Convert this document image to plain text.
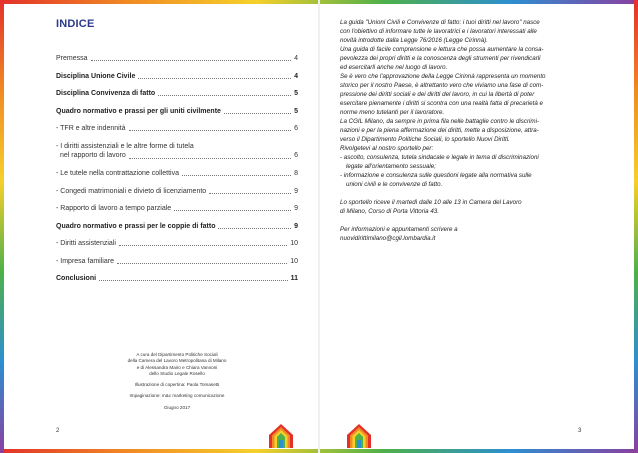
INDICE
Premessa	4
Disciplina Unione Civile	4
Disciplina Convivenza di fatto	5
Quadro normativo e prassi per gli uniti civilmente	5
- TFR e altre indennità	6
- I diritti assistenziali e le altre forme di tutela
nel rapporto di lavoro	6
- Le tutele nella contrattazione collettiva	8
- Congedi matrimoniali e divieto di licenziamento	9
- Rapporto di lavoro a tempo parziale	9
Quadro normativo e prassi per le coppie di fatto	9
- Diritti assistenziali	10
- Impresa familiare	10
Conclusioni	11

A cura del Dipartimento Politiche Sociali
della Camera del Lavoro Metropolitana di Milano
e di Alessandra Mairo e Chiara Vannoni
dello Studio Legale Rosello

Illustrazione di copertina: Paola Tomasetti

Impaginazione: m&c marketing comunicazione

Giugno 2017

2

La guida "Unioni Civili e Convivenze di fatto: i tuoi diritti nel lavoro" nasce

con l'obiettivo di informare tutte le lavoratrici e i lavoratori interessati alle

novità introdotte dalla Legge 76/2016 (Legge Cirinnà).

Una guida di facile comprensione e lettura che possa aumentare la consa-

pevolezza dei propri diritti e la conoscenza degli strumenti per rivendicarli

ed esercitarli anche nel luogo di lavoro.

Se è vero che l'approvazione della Legge Cirinnà rappresenta un momento

storico per il nostro Paese, è altrettanto vero che viviamo una fase di com-

pressione dei diritti sociali e dei diritti del lavoro, in cui la libertà di poter

esercitare pienamente i diritti si scontra con una realtà fatta di precarietà e

norme meno tutelanti per il lavoratore.

La CGIL Milano, da sempre in prima fila nelle battaglie contro le discrimi-

nazioni e per la piena affermazione dei diritti, mette a disposizione, attra-

verso il Dipartimento Politiche Sociali, lo sportello Nuovi Diritti.

Rivolgetevi al nostro sportello per:

- ascolto, consulenza, tutela sindacale e legale in tema di discriminazioni

legate all'orientamento sessuale;

- informazione e consulenza sulle questioni legate alla normativa sulle

unioni civili e le convivenze di fatto.

Lo sportello riceve il martedì dalle 10 alle 13 in Camera del Lavoro

di Milano, Corso di Porta Vittoria 43.

Per informazioni e appuntamenti scrivere a

nuovidirittimilano@cgil.lombardia.it

3
